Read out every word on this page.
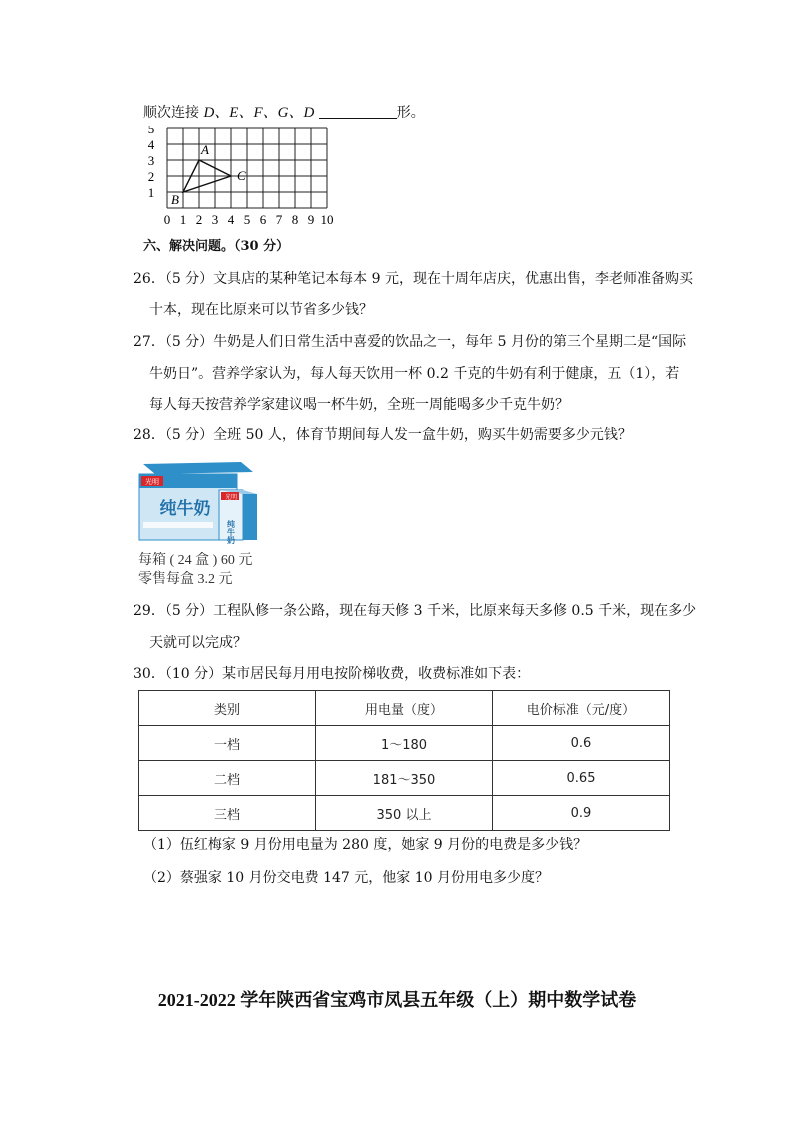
顺次连接 D、E、F、G、D	形。
0 1 2 3 4 5 6 7 8 9 10
1
2
3
4
5
A
B
C
六、解决问题。（30 分）
26．（5 分）文具店的某种笔记本每本 9 元，现在十周年店庆，优惠出售，李老师准备购买
十本，现在比原来可以节省多少钱？
27．（5 分）牛奶是人们日常生活中喜爱的饮品之一，每年 5 月份的第三个星期二是“国际
牛奶日”。营养学家认为，每人每天饮用一杯 0.2 千克的牛奶有利于健康，五（1），若
每人每天按营养学家建议喝一杯牛奶，全班一周能喝多少千克牛奶？
28．（5 分）全班 50 人，体育节期间每人发一盒牛奶，购买牛奶需要多少元钱？
光明
纯牛奶
光明
纯牛奶
每箱 ( 24 盒 ) 60 元
零售每盒 3.2 元
29．（5 分）工程队修一条公路，现在每天修 3 千米，比原来每天多修 0.5 千米，现在多少
天就可以完成？
30．（10 分）某市居民每月用电按阶梯收费，收费标准如下表：
类别	用电量（度）	电价标准（元/度）
一档	1～180	0.6
二档	181～350	0.65
三档	350 以上	0.9
（1）伍红梅家 9 月份用电量为 280 度，她家 9 月份的电费是多少钱？
（2）蔡强家 10 月份交电费 147 元，他家 10 月份用电多少度？
2021-2022 学年陕西省宝鸡市凤县五年级（上）期中数学试卷
